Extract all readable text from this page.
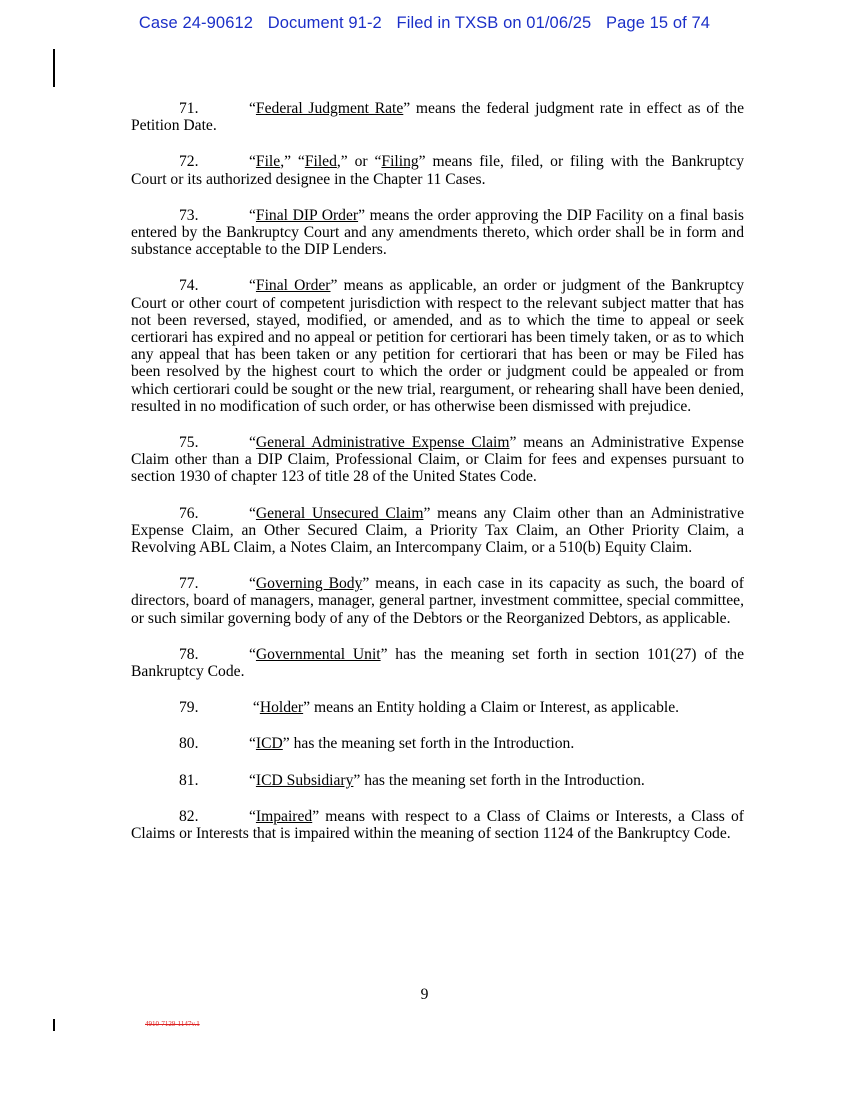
Case 24-90612 Document 91-2 Filed in TXSB on 01/06/25 Page 15 of 74

71.	“Federal Judgment Rate” means the federal judgment rate in effect as of the Petition Date.

72.	“File,” “Filed,” or “Filing” means file, filed, or filing with the Bankruptcy Court or its authorized designee in the Chapter 11 Cases.

73.	“Final DIP Order” means the order approving the DIP Facility on a final basis entered by the Bankruptcy Court and any amendments thereto, which order shall be in form and substance acceptable to the DIP Lenders.

74.	“Final Order” means as applicable, an order or judgment of the Bankruptcy Court or other court of competent jurisdiction with respect to the relevant subject matter that has not been reversed, stayed, modified, or amended, and as to which the time to appeal or seek certiorari has expired and no appeal or petition for certiorari has been timely taken, or as to which any appeal that has been taken or any petition for certiorari that has been or may be Filed has been resolved by the highest court to which the order or judgment could be appealed or from which certiorari could be sought or the new trial, reargument, or rehearing shall have been denied, resulted in no modification of such order, or has otherwise been dismissed with prejudice.

75.	“General Administrative Expense Claim” means an Administrative Expense Claim other than a DIP Claim, Professional Claim, or Claim for fees and expenses pursuant to section 1930 of chapter 123 of title 28 of the United States Code.

76.	“General Unsecured Claim” means any Claim other than an Administrative Expense Claim, an Other Secured Claim, a Priority Tax Claim, an Other Priority Claim, a Revolving ABL Claim, a Notes Claim, an Intercompany Claim, or a 510(b) Equity Claim.

77.	“Governing Body” means, in each case in its capacity as such, the board of directors, board of managers, manager, general partner, investment committee, special committee, or such similar governing body of any of the Debtors or the Reorganized Debtors, as applicable.

78.	“Governmental Unit” has the meaning set forth in section 101(27) of the Bankruptcy Code.

79.	“Holder” means an Entity holding a Claim or Interest, as applicable.

80.	“ICD” has the meaning set forth in the Introduction.

81.	“ICD Subsidiary” has the meaning set forth in the Introduction.

82.	“Impaired” means with respect to a Class of Claims or Interests, a Class of Claims or Interests that is impaired within the meaning of section 1124 of the Bankruptcy Code.

9
4910-7129-1147v.1
